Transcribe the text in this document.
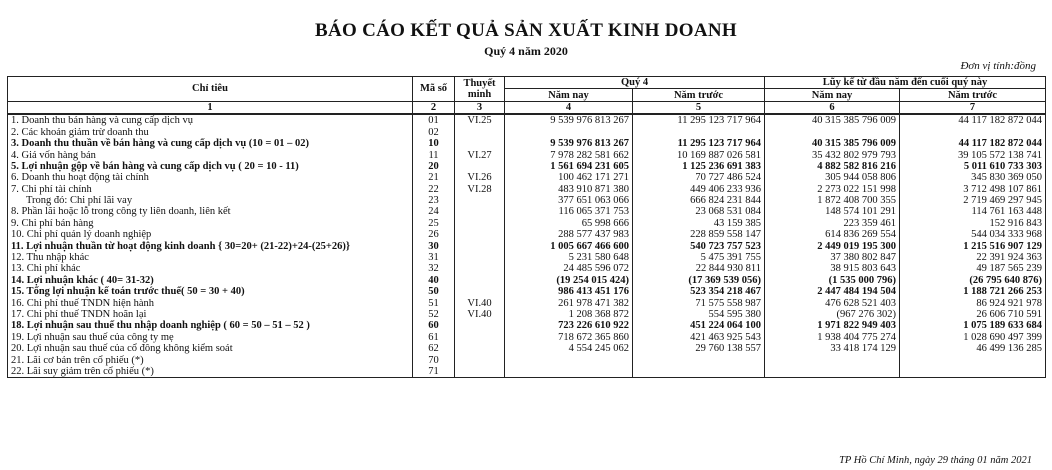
BÁO CÁO KẾT QUẢ SẢN XUẤT KINH DOANH
Quý 4 năm 2020
Đơn vị tính:đồng
Chỉ tiêu	Mã số	Thuyết minh	Quý 4		Lũy kế từ đầu năm đến cuối quý này	
			Năm nay	Năm trước	Năm nay	Năm trước
1	2	3	4	5	6	7
1. Doanh thu bán hàng và cung cấp dịch vụ	01	VI.25	9 539 976 813 267	11 295 123 717 964	40 315 385 796 009	44 117 182 872 044
2. Các khoản giảm trừ doanh thu	02					
3. Doanh thu thuần về bán hàng và cung cấp dịch vụ (10 = 01 – 02)	10		9 539 976 813 267	11 295 123 717 964	40 315 385 796 009	44 117 182 872 044
4. Giá vốn hàng bán	11	VI.27	7 978 282 581 662	10 169 887 026 581	35 432 802 979 793	39 105 572 138 741
5. Lợi nhuận gộp về bán hàng và cung cấp dịch vụ ( 20 = 10 - 11)	20		1 561 694 231 605	1 125 236 691 383	4 882 582 816 216	5 011 610 733 303
6. Doanh thu hoạt động tài chính	21	VI.26	100 462 171 271	70 727 486 524	305 944 058 806	345 830 369 050
7. Chi phí tài chính	22	VI.28	483 910 871 380	449 406 233 936	2 273 022 151 998	3 712 498 107 861
Trong đó: Chi phí lãi vay	23		377 651 063 066	666 824 231 844	1 872 408 700 355	2 719 469 297 945
8. Phần lãi hoặc lỗ trong công ty liên doanh, liên kết	24		116 065 371 753	23 068 531 084	148 574 101 291	114 761 163 448
9. Chi phí bán hàng	25		65 998 666	43 159 385	223 359 461	152 916 843
10. Chi phí quản lý doanh nghiệp	26		288 577 437 983	228 859 558 147	614 836 269 554	544 034 333 968
11. Lợi nhuận thuần từ hoạt động kinh doanh { 30=20+ (21-22)+24-(25+26)}	30		1 005 667 466 600	540 723 757 523	2 449 019 195 300	1 215 516 907 129
12. Thu nhập khác	31		5 231 580 648	5 475 391 755	37 380 802 847	22 391 924 363
13. Chi phí khác	32		24 485 596 072	22 844 930 811	38 915 803 643	49 187 565 239
14. Lợi nhuận khác ( 40= 31-32)	40		(19 254 015 424)	(17 369 539 056)	(1 535 000 796)	(26 795 640 876)
15. Tổng lợi nhuận kế toán trước thuế( 50 = 30 + 40)	50		986 413 451 176	523 354 218 467	2 447 484 194 504	1 188 721 266 253
16. Chi phí thuế TNDN hiện hành	51	VI.40	261 978 471 382	71 575 558 987	476 628 521 403	86 924 921 978
17. Chi phí thuế TNDN hoãn lại	52	VI.40	1 208 368 872	554 595 380	(967 276 302)	26 606 710 591
18. Lợi nhuận sau thuế thu nhập doanh nghiệp ( 60 = 50 – 51 – 52 )	60		723 226 610 922	451 224 064 100	1 971 822 949 403	1 075 189 633 684
19. Lợi nhuận sau thuế của công ty mẹ	61		718 672 365 860	421 463 925 543	1 938 404 775 274	1 028 690 497 399
20. Lợi nhuận sau thuế của cổ đông không kiểm soát	62		4 554 245 062	29 760 138 557	33 418 174 129	46 499 136 285
21. Lãi cơ bản trên cổ phiếu (*)	70					
22. Lãi suy giảm trên cổ phiếu (*)	71					
TP Hồ Chí Minh, ngày 29 tháng 01 năm 2021
